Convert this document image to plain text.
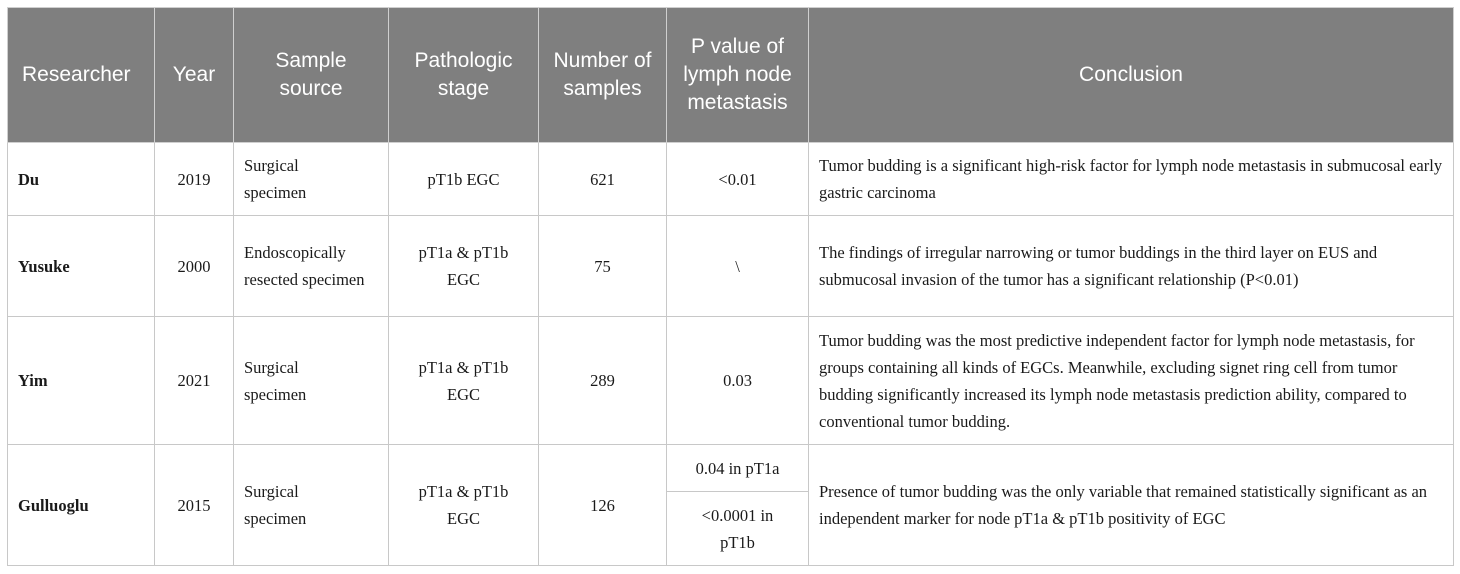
Researcher	Year	Sample source	Pathologic stage	Number of samples	P value of lymph node metastasis	Conclusion
Du	2019	Surgical specimen	pT1b EGC	621	<0.01	Tumor budding is a significant high-risk factor for lymph node metastasis in submucosal early gastric carcinoma
Yusuke	2000	Endoscopically resected specimen	pT1a & pT1b EGC	75	\	The findings of irregular narrowing or tumor buddings in the third layer on EUS and submucosal invasion of the tumor has a significant relationship (P<0.01)
Yim	2021	Surgical specimen	pT1a & pT1b EGC	289	0.03	Tumor budding was the most predictive independent factor for lymph node metastasis, for groups containing all kinds of EGCs. Meanwhile, excluding signet ring cell from tumor budding significantly increased its lymph node metastasis prediction ability, compared to conventional tumor budding.
Gulluoglu	2015	Surgical specimen	pT1a & pT1b EGC	126	0.04 in pT1a	Presence of tumor budding was the only variable that remained statistically significant as an independent marker for node pT1a & pT1b positivity of EGC
					<0.0001 in pT1b	
